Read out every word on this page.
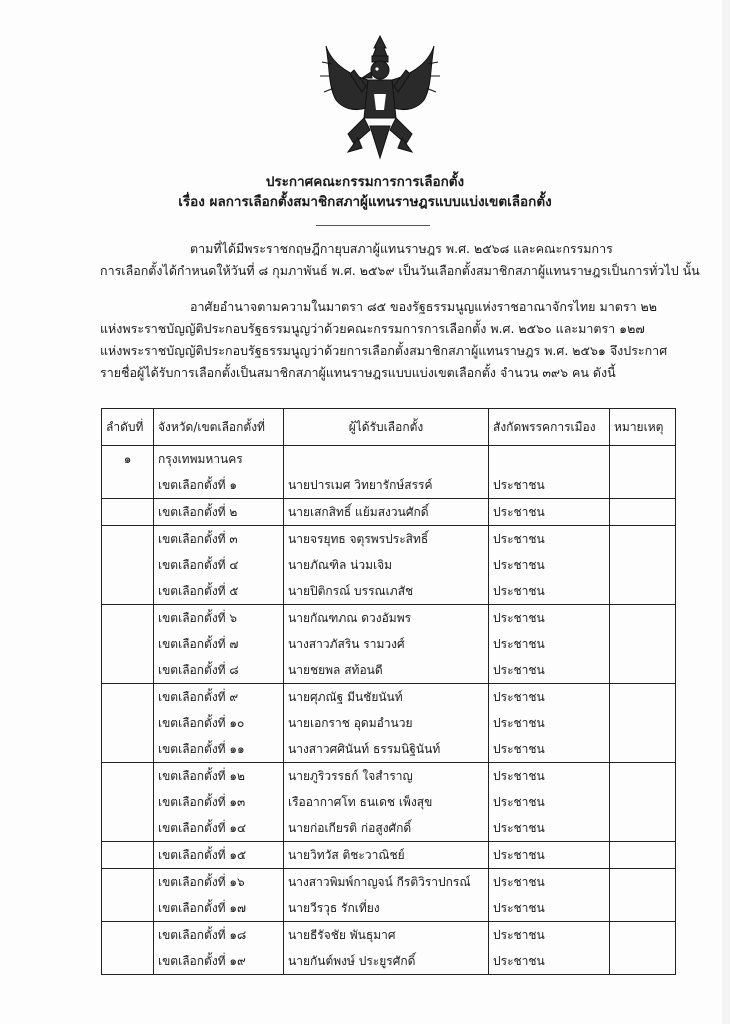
ประกาศคณะกรรมการการเลือกตั้ง
เรื่อง ผลการเลือกตั้งสมาชิกสภาผู้แทนราษฎรแบบแบ่งเขตเลือกตั้ง

ตามที่ได้มีพระราชกฤษฎีกายุบสภาผู้แทนราษฎร พ.ศ. ๒๕๖๘ และคณะกรรมการ

การเลือกตั้งได้กำหนดให้วันที่ ๘ กุมภาพันธ์ พ.ศ. ๒๕๖๙ เป็นวันเลือกตั้งสมาชิกสภาผู้แทนราษฎรเป็นการทั่วไป นั้น

อาศัยอำนาจตามความในมาตรา ๘๕ ของรัฐธรรมนูญแห่งราชอาณาจักรไทย มาตรา ๒๒

แห่งพระราชบัญญัติประกอบรัฐธรรมนูญว่าด้วยคณะกรรมการการเลือกตั้ง พ.ศ. ๒๕๖๐ และมาตรา ๑๒๗

แห่งพระราชบัญญัติประกอบรัฐธรรมนูญว่าด้วยการเลือกตั้งสมาชิกสภาผู้แทนราษฎร พ.ศ. ๒๕๖๑ จึงประกาศ

รายชื่อผู้ได้รับการเลือกตั้งเป็นสมาชิกสภาผู้แทนราษฎรแบบแบ่งเขตเลือกตั้ง จำนวน ๓๙๖ คน ดังนี้

ลำดับที่	จังหวัด/เขตเลือกตั้งที่	ผู้ได้รับเลือกตั้ง	สังกัดพรรคการเมือง	หมายเหตุ
๑	กรุงเทพมหานคร			
	เขตเลือกตั้งที่ ๑	นายปารเมศ วิทยารักษ์สรรค์	ประชาชน	
	เขตเลือกตั้งที่ ๒	นายเสกสิทธิ์ แย้มสงวนศักดิ์	ประชาชน	
	เขตเลือกตั้งที่ ๓	นายจรยุทธ จตุรพรประสิทธิ์	ประชาชน	
	เขตเลือกตั้งที่ ๔	นายภัณฑิล น่วมเจิม	ประชาชน	
	เขตเลือกตั้งที่ ๕	นายปิติกรณ์ บรรณเภสัช	ประชาชน	
	เขตเลือกตั้งที่ ๖	นายกัณฑภณ ดวงอัมพร	ประชาชน	
	เขตเลือกตั้งที่ ๗	นางสาวภัสริน รามวงศ์	ประชาชน	
	เขตเลือกตั้งที่ ๘	นายชยพล สท้อนดี	ประชาชน	
	เขตเลือกตั้งที่ ๙	นายศุภณัฐ มีนชัยนันท์	ประชาชน	
	เขตเลือกตั้งที่ ๑๐	นายเอกราช อุดมอำนวย	ประชาชน	
	เขตเลือกตั้งที่ ๑๑	นางสาวศศินันท์ ธรรมนิฐินันท์	ประชาชน	
	เขตเลือกตั้งที่ ๑๒	นายภูริวรรธก์ ใจสำราญ	ประชาชน	
	เขตเลือกตั้งที่ ๑๓	เรืออากาศโท ธนเดช เพ็งสุข	ประชาชน	
	เขตเลือกตั้งที่ ๑๔	นายก่อเกียรติ ก่อสูงศักดิ์	ประชาชน	
	เขตเลือกตั้งที่ ๑๕	นายวิทวัส ติชะวาณิชย์	ประชาชน	
	เขตเลือกตั้งที่ ๑๖	นางสาวพิมพ์กาญจน์ กีรติวิราปกรณ์	ประชาชน	
	เขตเลือกตั้งที่ ๑๗	นายวีรวุธ รักเที่ยง	ประชาชน	
	เขตเลือกตั้งที่ ๑๘	นายธีรัจชัย พันธุมาศ	ประชาชน	
	เขตเลือกตั้งที่ ๑๙	นายกันต์พงษ์ ประยูรศักดิ์	ประชาชน	
